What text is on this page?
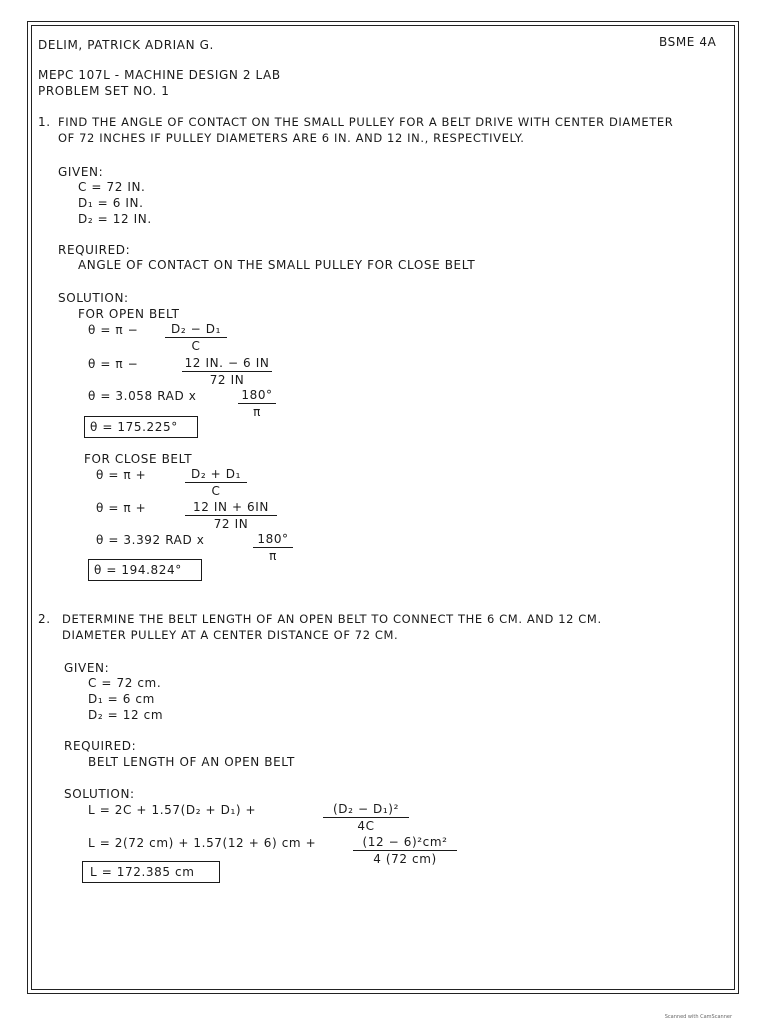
DELIM, PATRICK ADRIAN G.	BSME 4A
MEPC 107L - MACHINE DESIGN 2 LAB
PROBLEM SET NO. 1
1. FIND THE ANGLE OF CONTACT ON THE SMALL PULLEY FOR A BELT DRIVE WITH CENTER DIAMETER
OF 72 INCHES IF PULLEY DIAMETERS ARE 6 IN. AND 12 IN., RESPECTIVELY.
GIVEN:
C = 72 IN.
D₁ = 6 IN.
D₂ = 12 IN.
REQUIRED:
ANGLE OF CONTACT ON THE SMALL PULLEY FOR CLOSE BELT
SOLUTION:
FOR OPEN BELT
θ = π −	D₂ − D₁
C
θ = π −	12 IN. − 6 IN
72 IN
θ = 3.058 RAD x	180°
π
θ = 175.225°
FOR CLOSE BELT
θ = π +	D₂ + D₁
C
θ = π +	12 IN + 6IN
72 IN
θ = 3.392 RAD x	180°
π
θ = 194.824°
2. DETERMINE THE BELT LENGTH OF AN OPEN BELT TO CONNECT THE 6 CM. AND 12 CM.
DIAMETER PULLEY AT A CENTER DISTANCE OF 72 CM.
GIVEN:
C = 72 cm.
D₁ = 6 cm
D₂ = 12 cm
REQUIRED:
BELT LENGTH OF AN OPEN BELT
SOLUTION:
L = 2C + 1.57(D₂ + D₁) +	(D₂ − D₁)²
4C
L = 2(72 cm) + 1.57(12 + 6) cm +	(12 − 6)²cm²
4 (72 cm)
L = 172.385 cm
Scanned with CamScanner
